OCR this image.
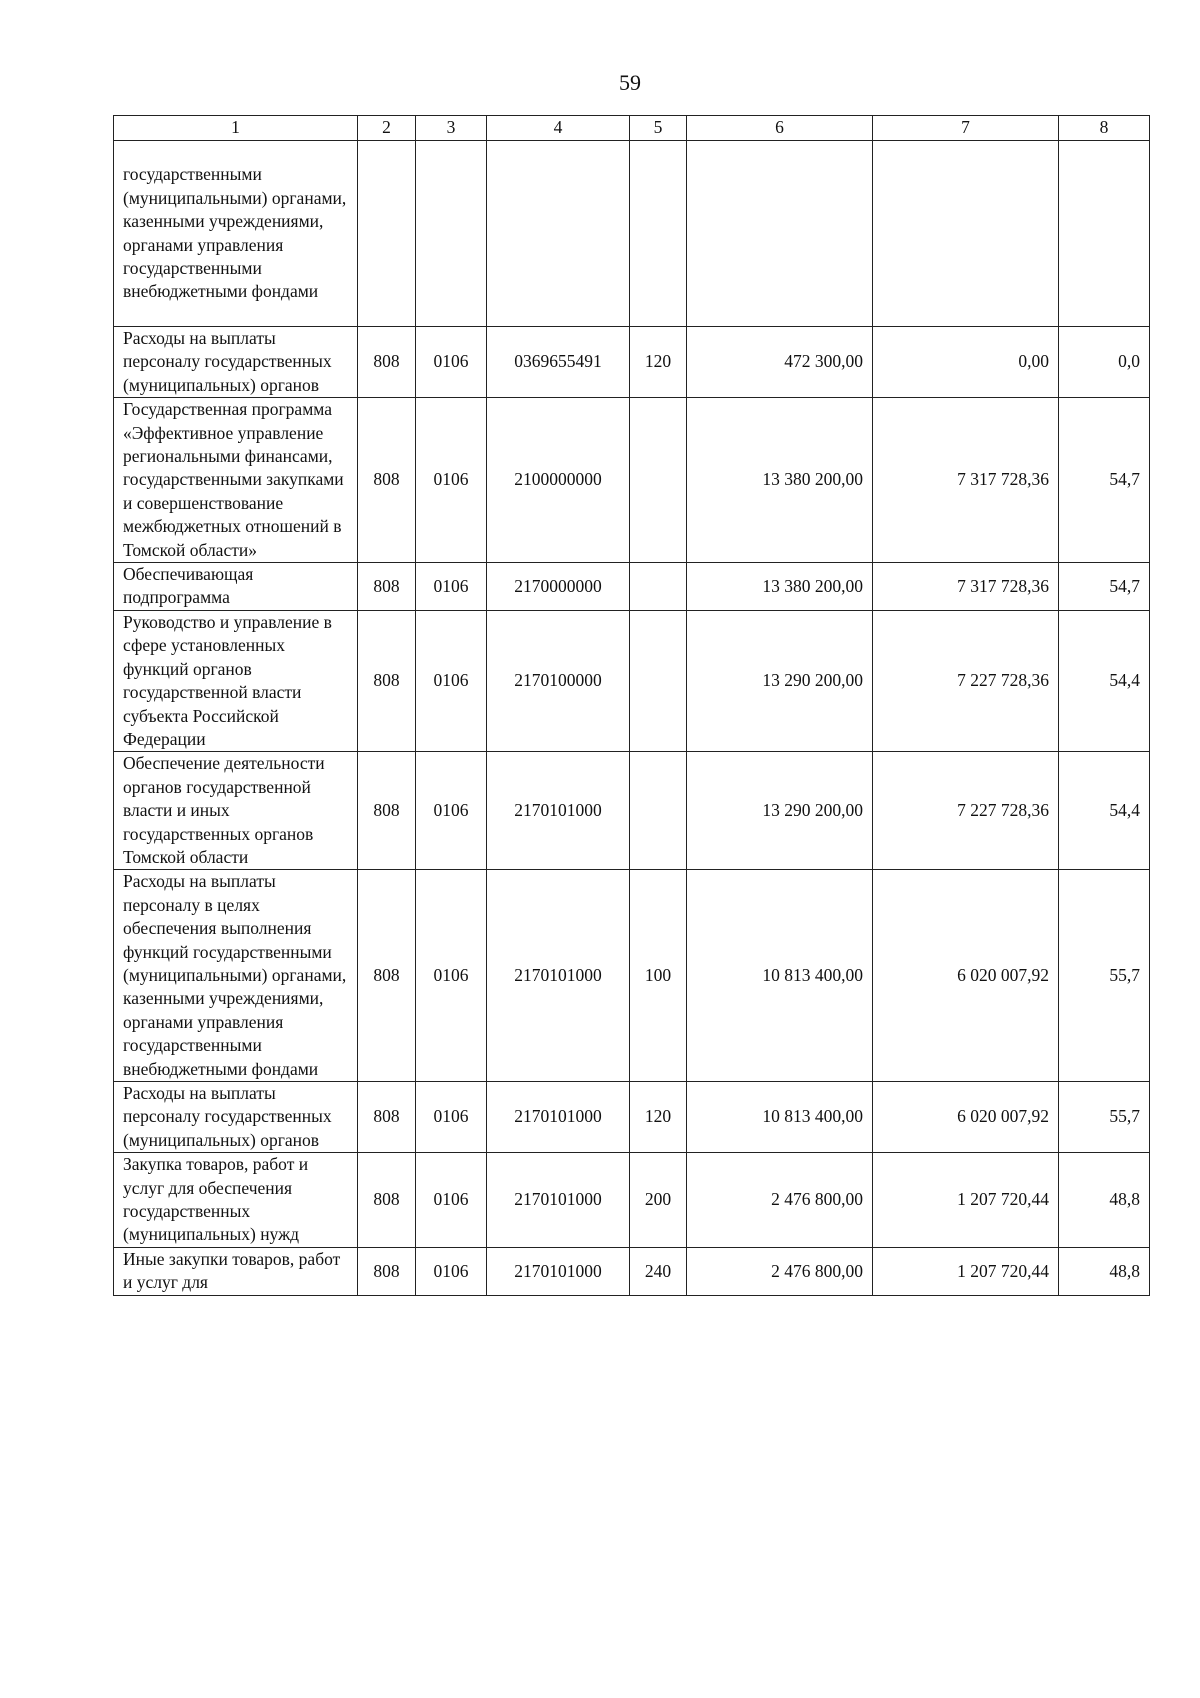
59
1	2	3	4	5	6	7	8
государственными (муниципальными) органами, казенными учреждениями, органами управления государственными внебюджетными фондами							
Расходы на выплаты персоналу государственных (муниципальных) органов	808	0106	0369655491	120	472 300,00	0,00	0,0
Государственная программа «Эффективное управление региональными финансами, государственными закупками и совершенствование межбюджетных отношений в Томской области»	808	0106	2100000000		13 380 200,00	7 317 728,36	54,7
Обеспечивающая подпрограмма	808	0106	2170000000		13 380 200,00	7 317 728,36	54,7
Руководство и управление в сфере установленных функций органов государственной власти субъекта Российской Федерации	808	0106	2170100000		13 290 200,00	7 227 728,36	54,4
Обеспечение деятельности органов государственной власти и иных государственных органов Томской области	808	0106	2170101000		13 290 200,00	7 227 728,36	54,4
Расходы на выплаты персоналу в целях обеспечения выполнения функций государственными (муниципальными) органами, казенными учреждениями, органами управления государственными внебюджетными фондами	808	0106	2170101000	100	10 813 400,00	6 020 007,92	55,7
Расходы на выплаты персоналу государственных (муниципальных) органов	808	0106	2170101000	120	10 813 400,00	6 020 007,92	55,7
Закупка товаров, работ и услуг для обеспечения государственных (муниципальных) нужд	808	0106	2170101000	200	2 476 800,00	1 207 720,44	48,8
Иные закупки товаров, работ и услуг для	808	0106	2170101000	240	2 476 800,00	1 207 720,44	48,8
